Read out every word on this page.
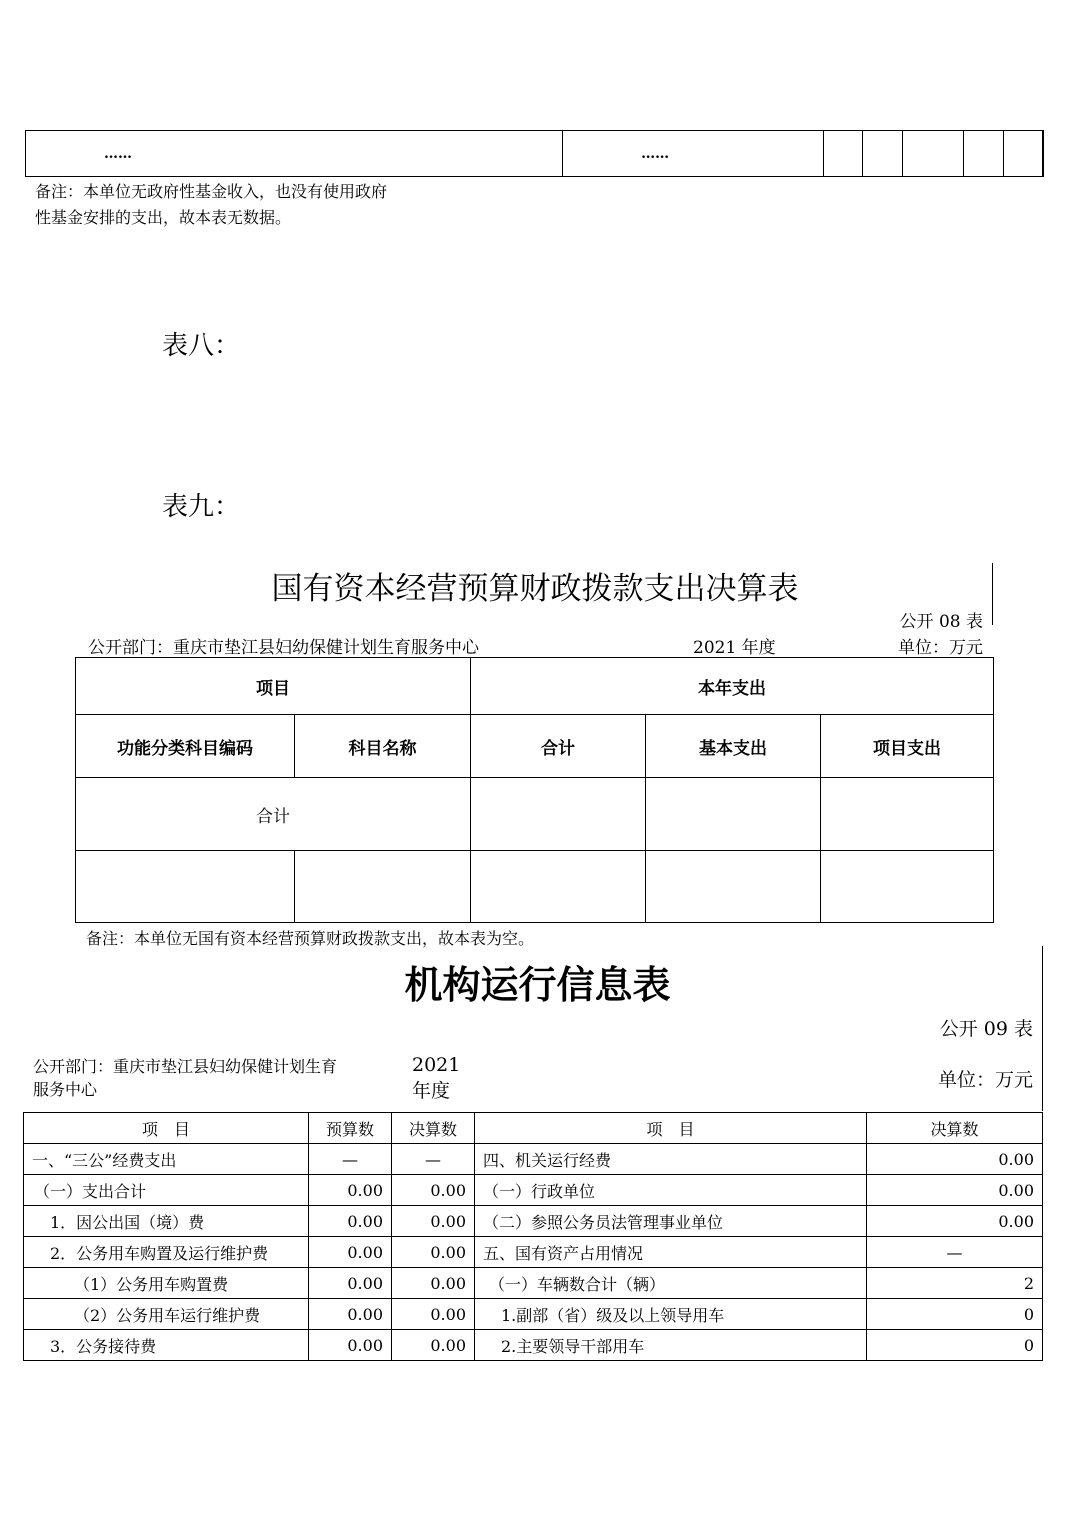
……	……						
备注：本单位无政府性基金收入，也没有使用政府
性基金安排的支出，故本表无数据。
表八：
表九：
国有资本经营预算财政拨款支出决算表
公开 08 表
公开部门：重庆市垫江县妇幼保健计划生育服务中心	2021 年度	单位：万元
项目		本年支出		
功能分类科目编码	科目名称	合计	基本支出	项目支出
合计				

备注：本单位无国有资本经营预算财政拨款支出，故本表为空。
机构运行信息表
公开 09 表
公开部门：重庆市垫江县妇幼保健计划生育
服务中心
2021
年度	单位：万元
项　目	预算数	决算数	项　目	决算数
一、“三公”经费支出	—	—	四、机关运行经费	0.00
（一）支出合计	0.00	0.00	（一）行政单位	0.00
1．因公出国（境）费	0.00	0.00	（二）参照公务员法管理事业单位	0.00
2．公务用车购置及运行维护费	0.00	0.00	五、国有资产占用情况	—
（1）公务用车购置费	0.00	0.00	（一）车辆数合计（辆）	2
（2）公务用车运行维护费	0.00	0.00	1.副部（省）级及以上领导用车	0
3．公务接待费	0.00	0.00	2.主要领导干部用车	0
